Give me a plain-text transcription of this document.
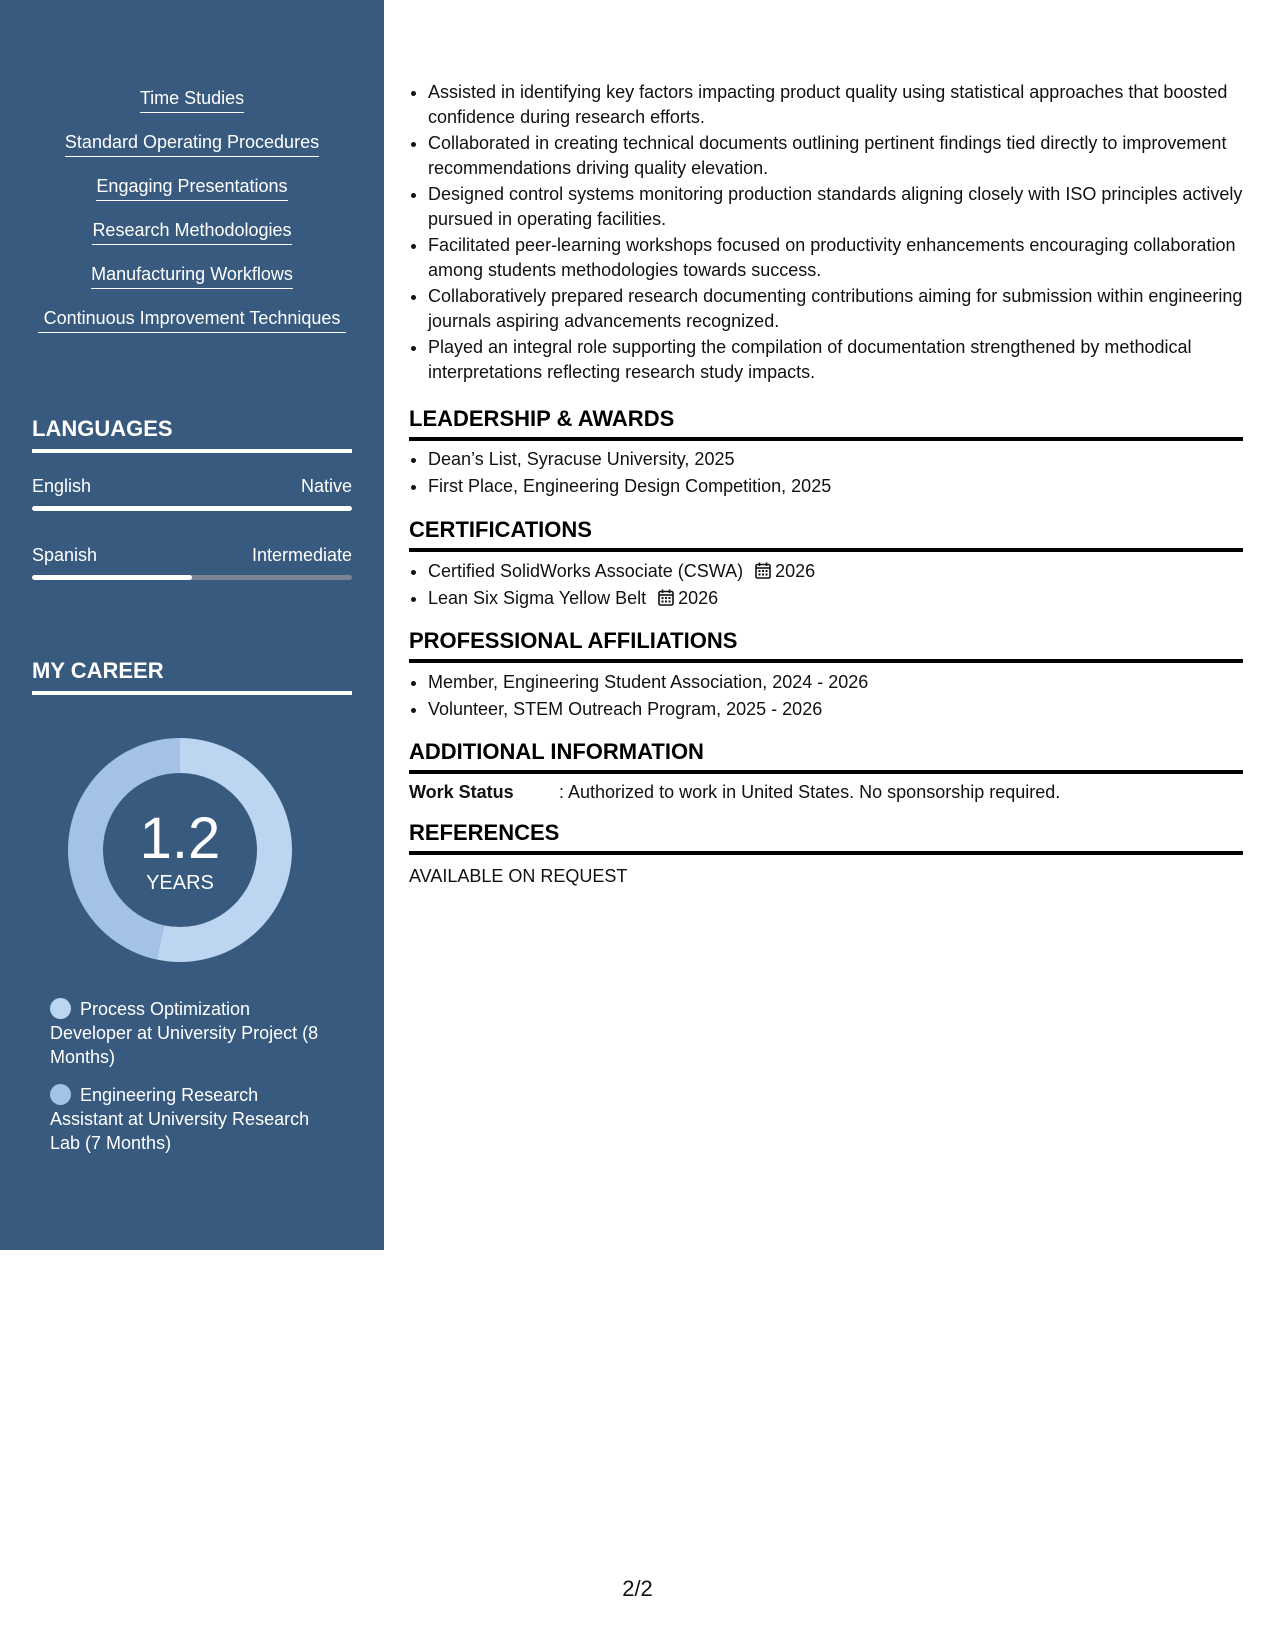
Time Studies
Standard Operating Procedures
Engaging Presentations
Research Methodologies
Manufacturing Workflows
Continuous Improvement Techniques
LANGUAGES
English	Native
Spanish	Intermediate
MY CAREER
1.2
YEARS
Process Optimization Developer at University Project (8 Months)
Engineering Research Assistant at University Research Lab (7 Months)
• Assisted in identifying key factors impacting product quality using statistical approaches that boosted confidence during research efforts.
• Collaborated in creating technical documents outlining pertinent findings tied directly to improvement recommendations driving quality elevation.
• Designed control systems monitoring production standards aligning closely with ISO principles actively pursued in operating facilities.
• Facilitated peer-learning workshops focused on productivity enhancements encouraging collaboration among students methodologies towards success.
• Collaboratively prepared research documenting contributions aiming for submission within engineering journals aspiring advancements recognized.
• Played an integral role supporting the compilation of documentation strengthened by methodical interpretations reflecting research study impacts.
LEADERSHIP & AWARDS
• Dean’s List, Syracuse University, 2025
• First Place, Engineering Design Competition, 2025
CERTIFICATIONS
• Certified SolidWorks Associate (CSWA) 2026
• Lean Six Sigma Yellow Belt 2026
PROFESSIONAL AFFILIATIONS
• Member, Engineering Student Association, 2024 - 2026
• Volunteer, STEM Outreach Program, 2025 - 2026
ADDITIONAL INFORMATION
Work Status	: Authorized to work in United States. No sponsorship required.
REFERENCES
AVAILABLE ON REQUEST
2/2
